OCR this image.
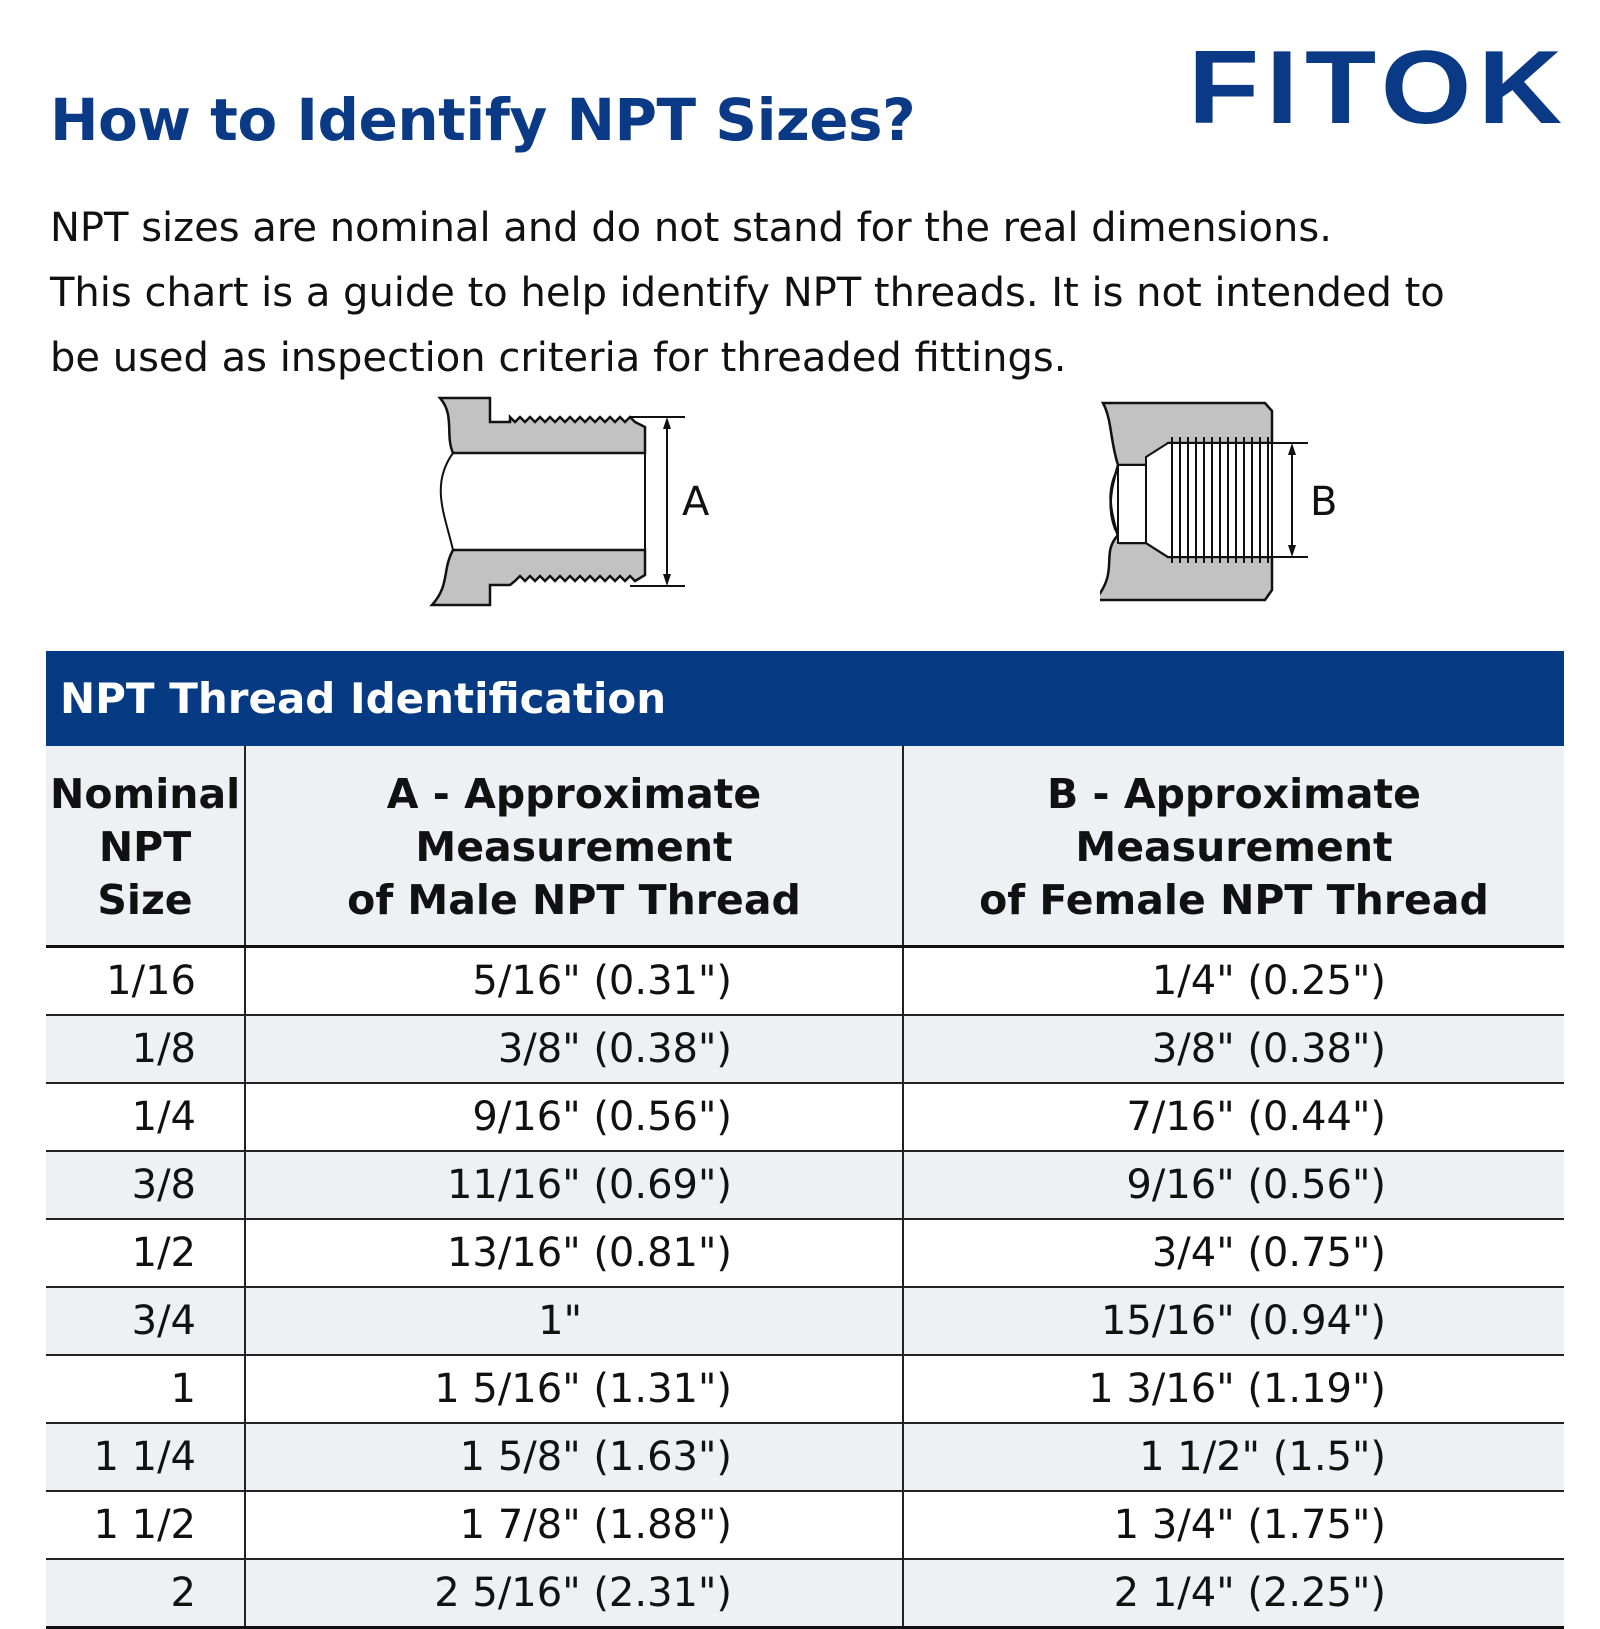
FITOK
How to Identify NPT Sizes?

NPT sizes are nominal and do not stand for the real dimensions.

This chart is a guide to help identify NPT threads. It is not intended to

be used as inspection criteria for threaded fittings.

A	B
NPT Thread Identification
Nominal
NPT Size	A - Approximate Measurement
of Male NPT Thread	B - Approximate Measurement
of Female NPT Thread
1/16	5/16" (0.31")	1/4" (0.25")
1/8	3/8" (0.38")	3/8" (0.38")
1/4	9/16" (0.56")	7/16" (0.44")
3/8	11/16" (0.69")	9/16" (0.56")
1/2	13/16" (0.81")	3/4" (0.75")
3/4	1"	15/16" (0.94")
1	1 5/16" (1.31")	1 3/16" (1.19")
1 1/4	1 5/8" (1.63")	1 1/2" (1.5")
1 1/2	1 7/8" (1.88")	1 3/4" (1.75")
2	2 5/16" (2.31")	2 1/4" (2.25")
